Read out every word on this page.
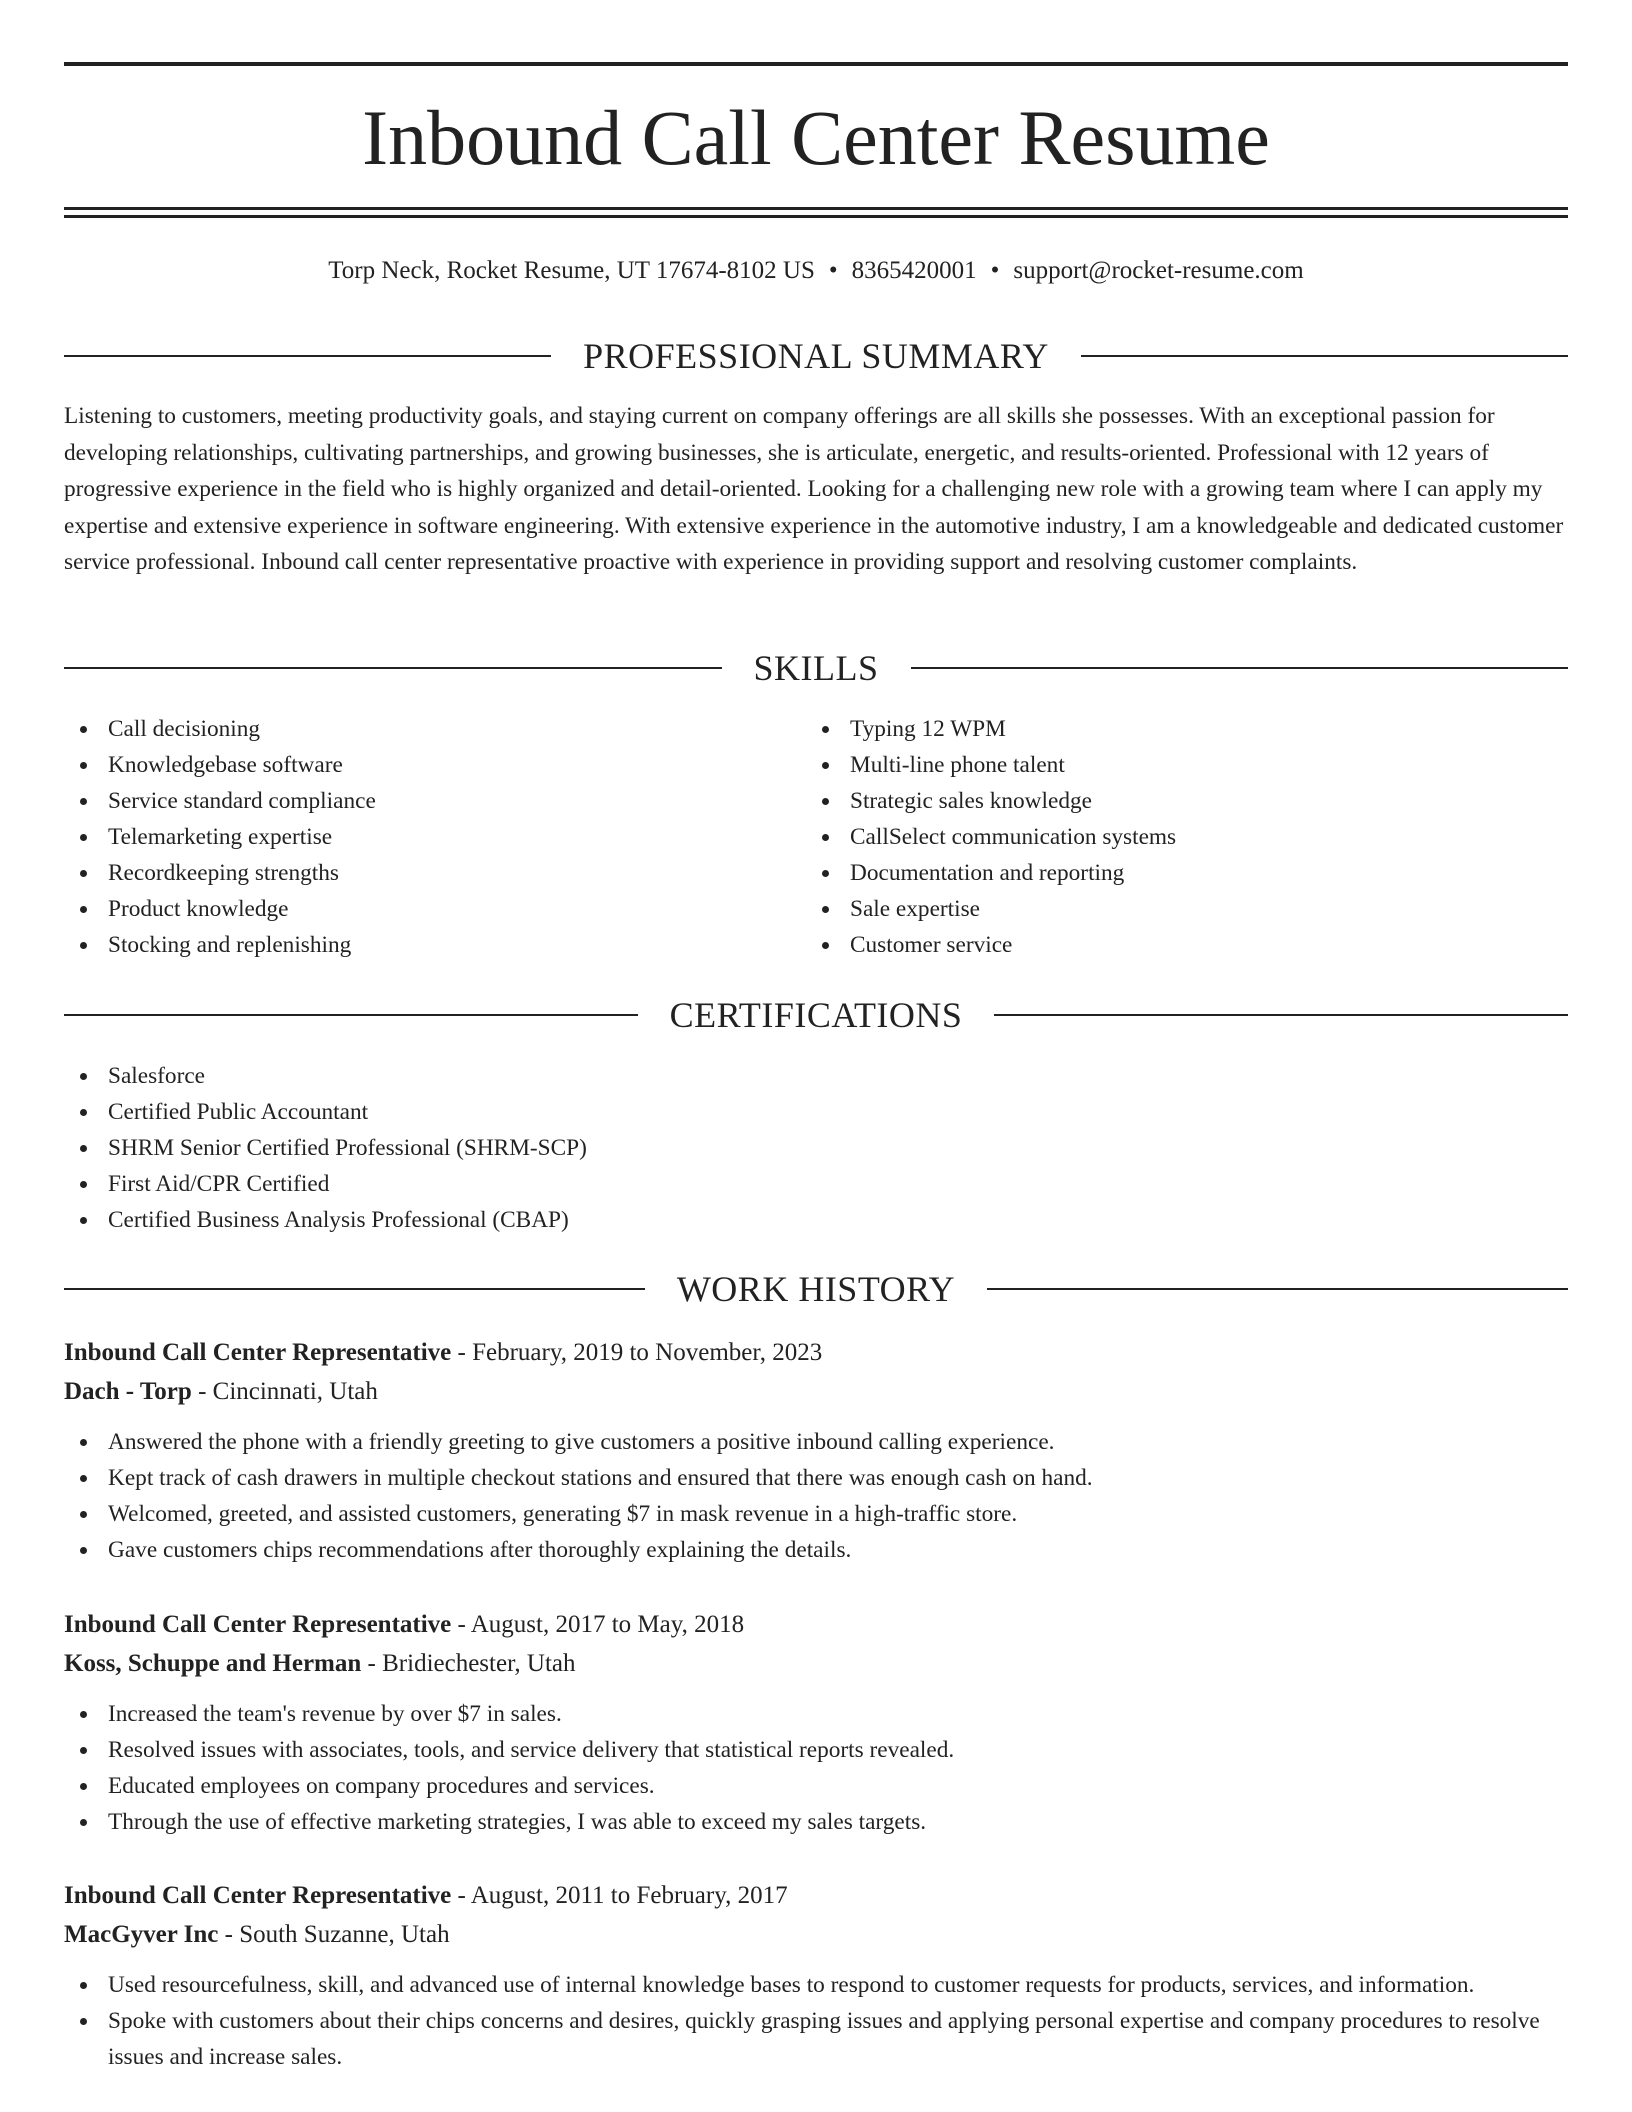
Inbound Call Center Resume
Torp Neck, Rocket Resume, UT 17674-8102 US • 8365420001 • support@rocket-resume.com
PROFESSIONAL SUMMARY

Listening to customers, meeting productivity goals, and staying current on company offerings are all skills she possesses. With an exceptional passion for developing relationships, cultivating partnerships, and growing businesses, she is articulate, energetic, and results-oriented. Professional with 12 years of progressive experience in the field who is highly organized and detail-oriented. Looking for a challenging new role with a growing team where I can apply my expertise and extensive experience in software engineering. With extensive experience in the automotive industry, I am a knowledgeable and dedicated customer service professional. Inbound call center representative proactive with experience in providing support and resolving customer complaints.

SKILLS
Call decisioning
Knowledgebase software
Service standard compliance
Telemarketing expertise
Recordkeeping strengths
Product knowledge
Stocking and replenishing
Typing 12 WPM
Multi-line phone talent
Strategic sales knowledge
CallSelect communication systems
Documentation and reporting
Sale expertise
Customer service
CERTIFICATIONS
Salesforce
Certified Public Accountant
SHRM Senior Certified Professional (SHRM-SCP)
First Aid/CPR Certified
Certified Business Analysis Professional (CBAP)
WORK HISTORY
Inbound Call Center Representative - February, 2019 to November, 2023
Dach - Torp - Cincinnati, Utah
Answered the phone with a friendly greeting to give customers a positive inbound calling experience.
Kept track of cash drawers in multiple checkout stations and ensured that there was enough cash on hand.
Welcomed, greeted, and assisted customers, generating $7 in mask revenue in a high-traffic store.
Gave customers chips recommendations after thoroughly explaining the details.
Inbound Call Center Representative - August, 2017 to May, 2018
Koss, Schuppe and Herman - Bridiechester, Utah
Increased the team's revenue by over $7 in sales.
Resolved issues with associates, tools, and service delivery that statistical reports revealed.
Educated employees on company procedures and services.
Through the use of effective marketing strategies, I was able to exceed my sales targets.
Inbound Call Center Representative - August, 2011 to February, 2017
MacGyver Inc - South Suzanne, Utah
Used resourcefulness, skill, and advanced use of internal knowledge bases to respond to customer requests for products, services, and information.
Spoke with customers about their chips concerns and desires, quickly grasping issues and applying personal expertise and company procedures to resolve issues and increase sales.
